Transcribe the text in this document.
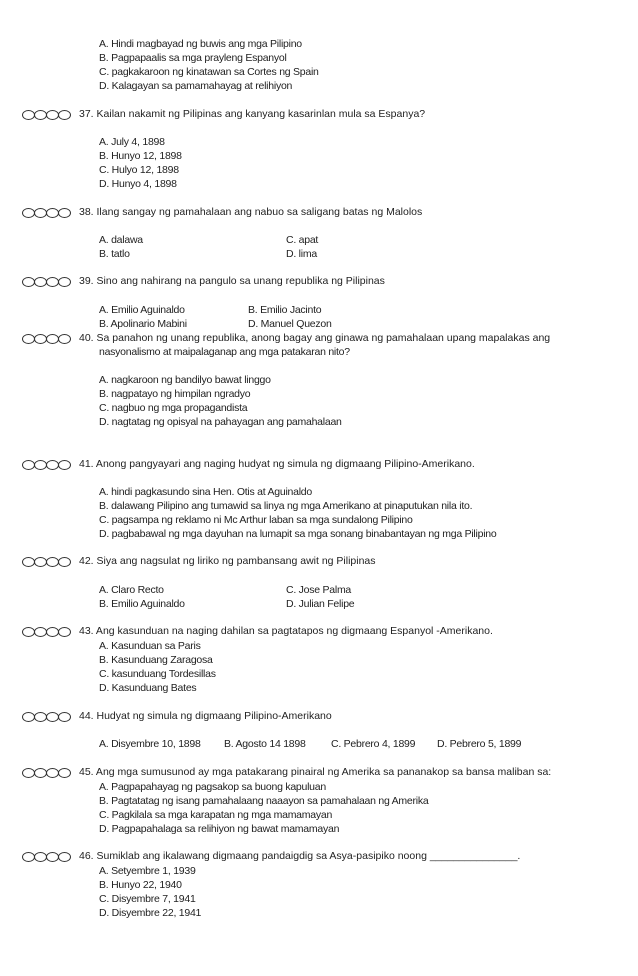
A. Hindi magbayad ng buwis ang mga Pilipino
B. Pagpapaalis sa mga prayleng Espanyol
C. pagkakaroon ng kinatawan sa Cortes ng Spain
D. Kalagayan sa pamamahayag at relihiyon
37. Kailan nakamit ng Pilipinas ang kanyang kasarinlan mula sa Espanya?
A. July 4, 1898
B. Hunyo 12, 1898
C. Hulyo 12, 1898
D. Hunyo 4, 1898
38. Ilang sangay ng pamahalaan ang nabuo sa saligang batas ng Malolos
A. dalawa
B. tatlo
C. apat
D. lima
39. Sino ang nahirang na pangulo sa unang republika ng Pilipinas
A. Emilio Aguinaldo
B. Apolinario Mabini
B. Emilio Jacinto
D. Manuel Quezon
40. Sa panahon ng unang republika, anong bagay ang ginawa ng pamahalaan upang mapalakas ang
nasyonalismo at maipalaganap ang mga patakaran nito?
A. nagkaroon ng bandilyo bawat linggo
B. nagpatayo ng himpilan ngradyo
C. nagbuo ng mga propagandista
D. nagtatag ng opisyal na pahayagan ang pamahalaan
41. Anong pangyayari ang naging hudyat ng simula ng digmaang Pilipino-Amerikano.
A. hindi pagkasundo sina Hen. Otis at Aguinaldo
B. dalawang Pilipino ang tumawid sa linya ng mga Amerikano at pinaputukan nila ito.
C. pagsampa ng reklamo ni Mc Arthur laban sa mga sundalong Pilipino
D. pagbabawal ng mga dayuhan na lumapit sa mga sonang binabantayan ng mga Pilipino
42. Siya ang nagsulat ng liriko ng pambansang awit ng Pilipinas
A. Claro Recto
B. Emilio Aguinaldo
C. Jose Palma
D. Julian Felipe
43. Ang kasunduan na naging dahilan sa pagtatapos ng digmaang Espanyol -Amerikano.
A. Kasunduan sa Paris
B. Kasunduang Zaragosa
C. kasunduang Tordesillas
D. Kasunduang Bates
44. Hudyat ng simula ng digmaang Pilipino-Amerikano
A. Disyembre 10, 1898 B. Agosto 14 1898 C. Pebrero 4, 1899 D. Pebrero 5, 1899
45. Ang mga sumusunod ay mga patakarang pinairal ng Amerika sa pananakop sa bansa maliban sa:
A. Pagpapahayag ng pagsakop sa buong kapuluan
B. Pagtatatag ng isang pamahalaang naaayon sa pamahalaan ng Amerika
C. Pagkilala sa mga karapatan ng mga mamamayan
D. Pagpapahalaga sa relihiyon ng bawat mamamayan
46. Sumiklab ang ikalawang digmaang pandaigdig sa Asya-pasipiko noong _______________.
A. Setyembre 1, 1939
B. Hunyo 22, 1940
C. Disyembre 7, 1941
D. Disyembre 22, 1941
